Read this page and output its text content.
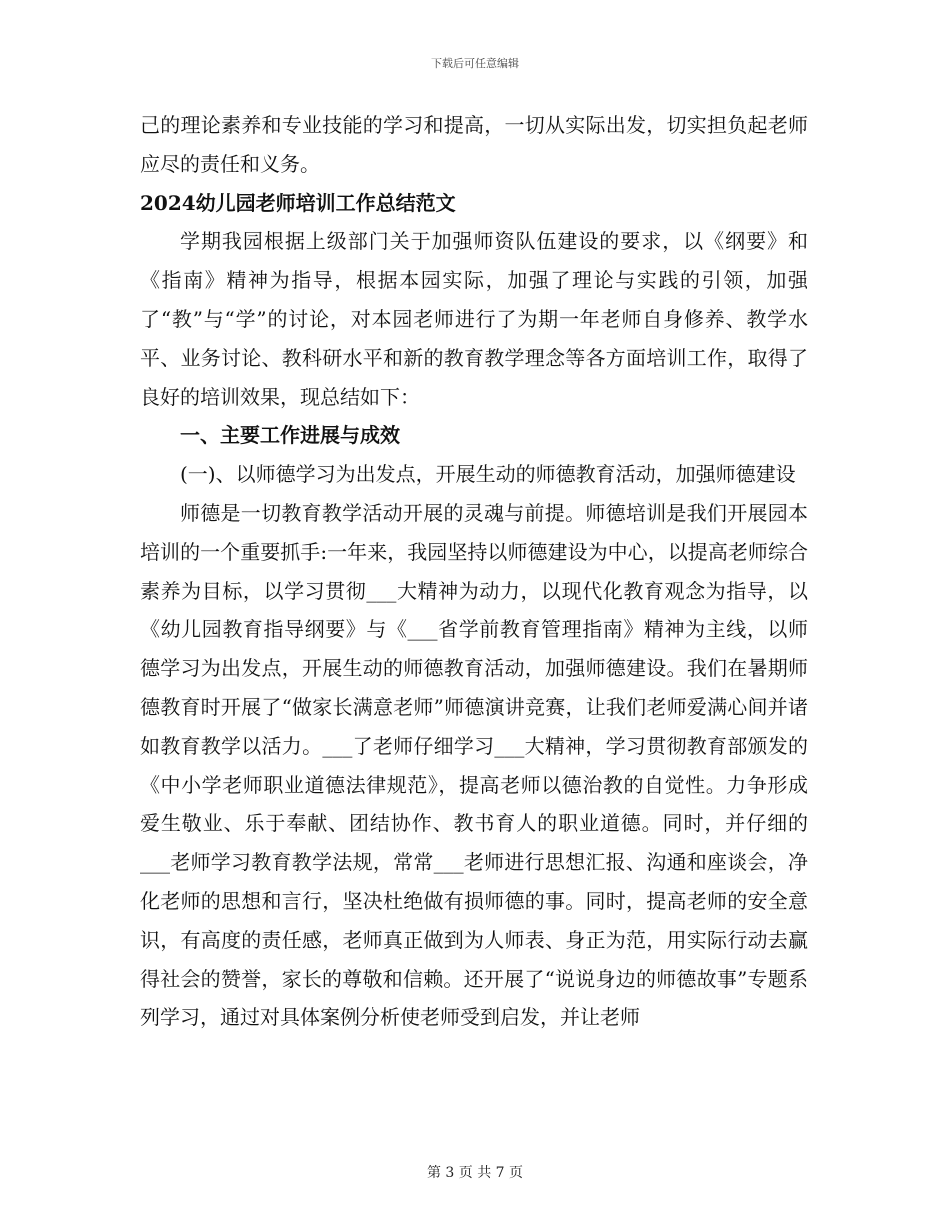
下载后可任意编辑

己的理论素养和专业技能的学习和提高，一切从实际出发，切实担负起老师应尽的责任和义务。

2024幼儿园老师培训工作总结范文

学期我园根据上级部门关于加强师资队伍建设的要求，以《纲要》和《指南》精神为指导，根据本园实际，加强了理论与实践的引领，加强了“教”与“学”的讨论，对本园老师进行了为期一年老师自身修养、教学水平、业务讨论、教科研水平和新的教育教学理念等各方面培训工作，取得了良好的培训效果，现总结如下：

一、主要工作进展与成效

(一)、以师德学习为出发点，开展生动的师德教育活动，加强师德建设

师德是一切教育教学活动开展的灵魂与前提。师德培训是我们开展园本培训的一个重要抓手:一年来，我园坚持以师德建设为中心，以提高老师综合素养为目标，以学习贯彻___大精神为动力，以现代化教育观念为指导，以《幼儿园教育指导纲要》与《___省学前教育管理指南》精神为主线，以师德学习为出发点，开展生动的师德教育活动，加强师德建设。我们在暑期师德教育时开展了“做家长满意老师”师德演讲竞赛，让我们老师爱满心间并诸如教育教学以活力。___了老师仔细学习___大精神，学习贯彻教育部颁发的《中小学老师职业道德法律规范》，提高老师以德治教的自觉性。力争形成爱生敬业、乐于奉献、团结协作、教书育人的职业道德。同时，并仔细的___老师学习教育教学法规，常常___老师进行思想汇报、沟通和座谈会，净化老师的思想和言行，坚决杜绝做有损师德的事。同时，提高老师的安全意识，有高度的责任感，老师真正做到为人师表、身正为范，用实际行动去赢得社会的赞誉，家长的尊敬和信赖。还开展了“说说身边的师德故事”专题系列学习，通过对具体案例分析使老师受到启发，并让老师

第 3 页 共 7 页
